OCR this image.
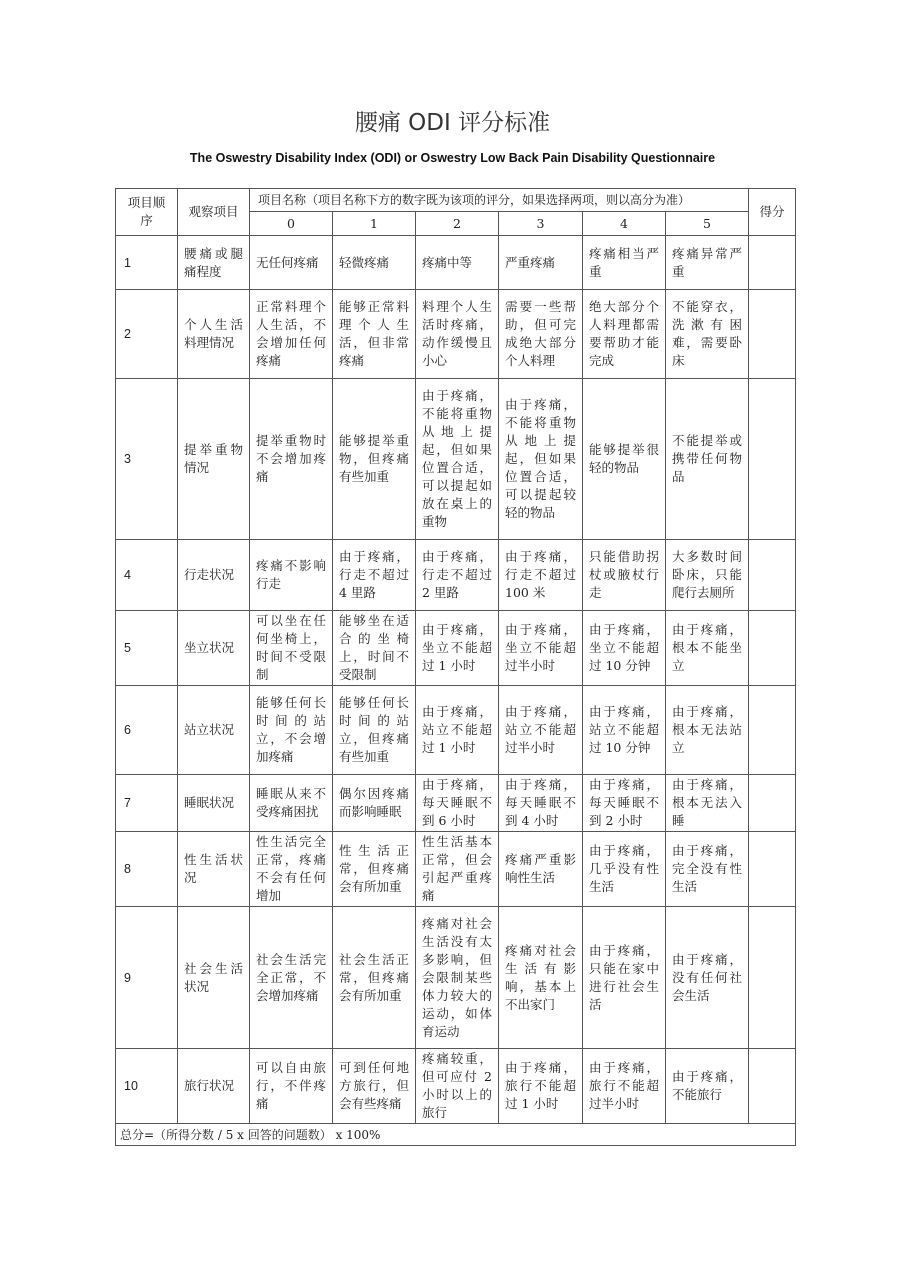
腰痛 ODI 评分标准
The Oswestry Disability Index (ODI) or Oswestry Low Back Pain Disability Questionnaire
项目顺序	观察项目	项目名称（项目名称下方的数字既为该项的评分，如果选择两项，则以高分为准）						得分
		0	1	2	3	4	5	
1	腰痛或腿痛程度	无任何疼痛	轻微疼痛	疼痛中等	严重疼痛	疼痛相当严重	疼痛异常严重	
2	个人生活料理情况	正常料理个人生活，不会增加任何疼痛	能够正常料理个人生活，但非常疼痛	料理个人生活时疼痛，动作缓慢且小心	需要一些帮助，但可完成绝大部分个人料理	绝大部分个人料理都需要帮助才能完成	不能穿衣，洗漱有困难，需要卧床	
3	提举重物情况	提举重物时不会增加疼痛	能够提举重物，但疼痛有些加重	由于疼痛，不能将重物从地上提起，但如果位置合适，可以提起如放在桌上的重物	由于疼痛，不能将重物从地上提起，但如果位置合适，可以提起较轻的物品	能够提举很轻的物品	不能提举或携带任何物品	
4	行走状况	疼痛不影响行走	由于疼痛，行走不超过 4 里路	由于疼痛，行走不超过 2 里路	由于疼痛，行走不超过 100 米	只能借助拐杖或腋杖行走	大多数时间卧床，只能爬行去厕所	
5	坐立状况	可以坐在任何坐椅上，时间不受限制	能够坐在适合的坐椅上，时间不受限制	由于疼痛，坐立不能超过 1 小时	由于疼痛，坐立不能超过半小时	由于疼痛，坐立不能超过 10 分钟	由于疼痛，根本不能坐立	
6	站立状况	能够任何长时间的站立，不会增加疼痛	能够任何长时间的站立，但疼痛有些加重	由于疼痛，站立不能超过 1 小时	由于疼痛，站立不能超过半小时	由于疼痛，站立不能超过 10 分钟	由于疼痛，根本无法站立	
7	睡眠状况	睡眠从来不受疼痛困扰	偶尔因疼痛而影响睡眠	由于疼痛，每天睡眠不到 6 小时	由于疼痛，每天睡眠不到 4 小时	由于疼痛，每天睡眠不到 2 小时	由于疼痛，根本无法入睡	
8	性生活状况	性生活完全正常，疼痛不会有任何增加	性生活正常，但疼痛会有所加重	性生活基本正常，但会引起严重疼痛	疼痛严重影响性生活	由于疼痛，几乎没有性生活	由于疼痛，完全没有性生活	
9	社会生活状况	社会生活完全正常，不会增加疼痛	社会生活正常，但疼痛会有所加重	疼痛对社会生活没有太多影响，但会限制某些体力较大的运动，如体育运动	疼痛对社会生活有影响，基本上不出家门	由于疼痛，只能在家中进行社会生活	由于疼痛，没有任何社会生活	
10	旅行状况	可以自由旅行，不伴疼痛	可到任何地方旅行，但会有些疼痛	疼痛较重，但可应付 2 小时以上的旅行	由于疼痛，旅行不能超过 1 小时	由于疼痛，旅行不能超过半小时	由于疼痛，不能旅行	
总分=（所得分数 / 5 x 回答的问题数） x 100%								
